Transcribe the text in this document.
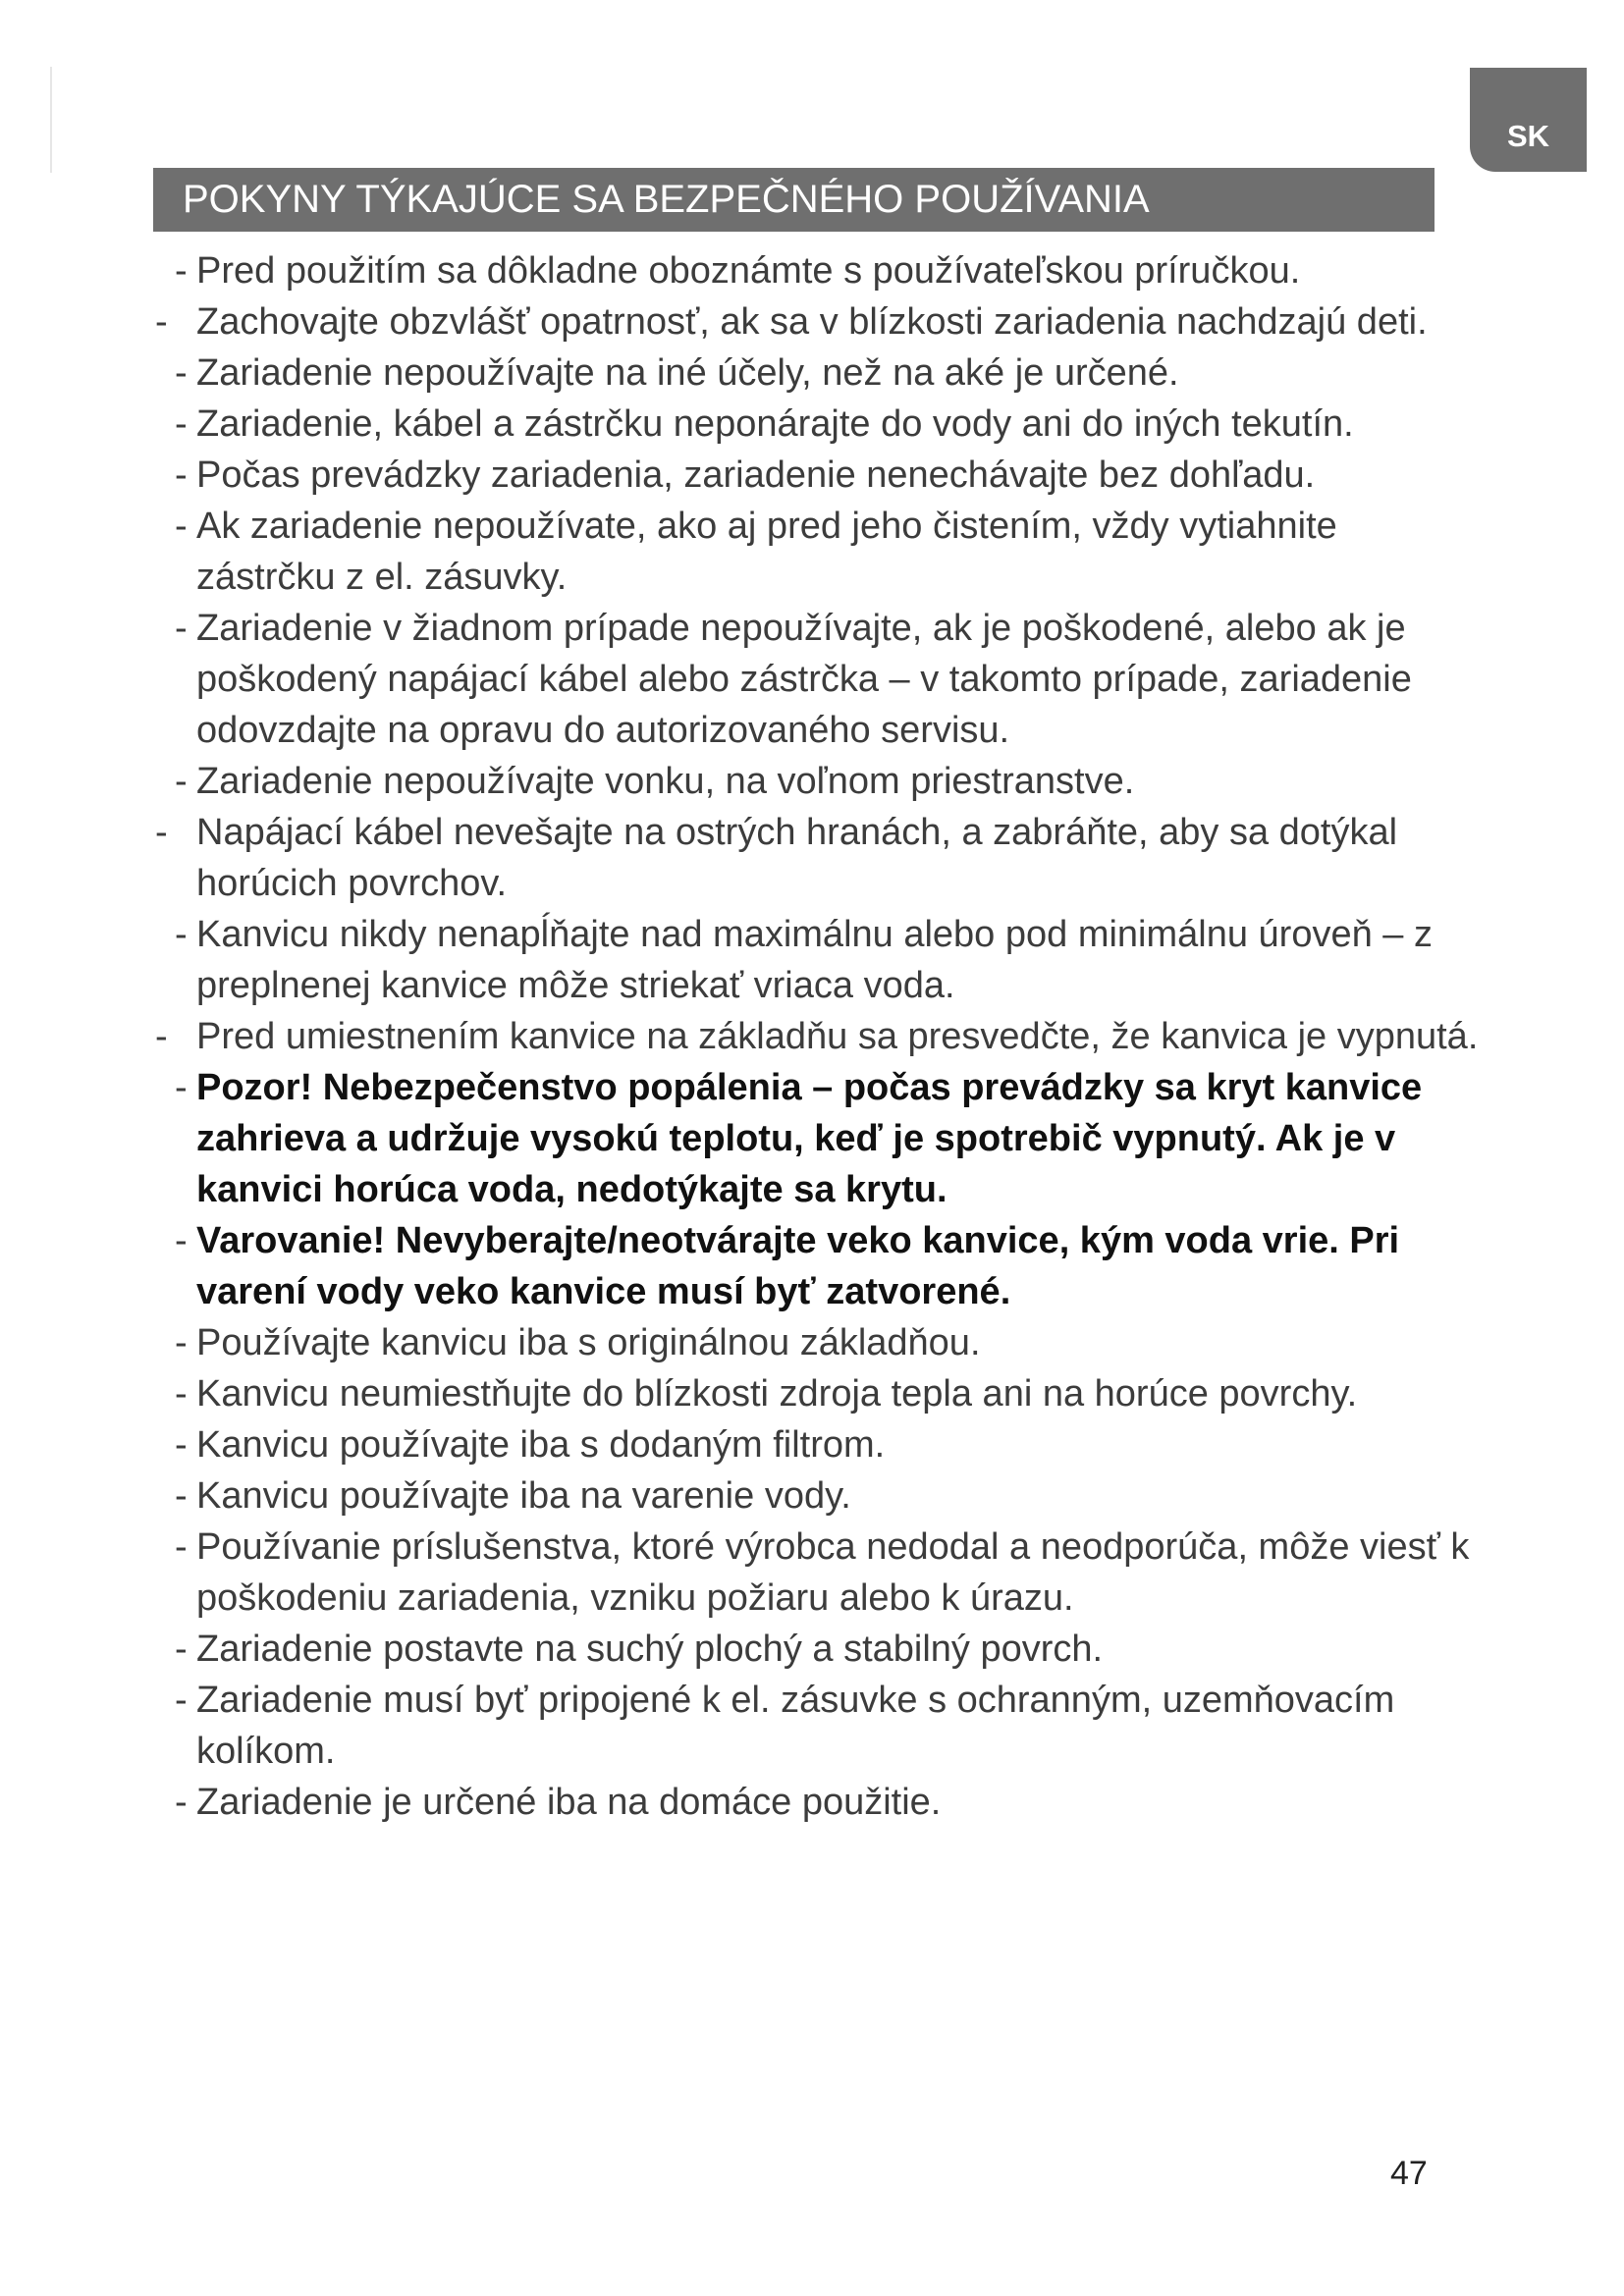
SK
POKYNY TÝKAJÚCE SA BEZPEČNÉHO POUŽÍVANIA
- Pred použitím sa dôkladne oboznámte s používateľskou príručkou.
- Zachovajte obzvlášť opatrnosť, ak sa v blízkosti zariadenia nachdzajú deti.
- Zariadenie nepoužívajte na iné účely, než na aké je určené.
- Zariadenie, kábel a zástrčku neponárajte do vody ani do iných tekutín.
- Počas prevádzky zariadenia, zariadenie nenechávajte bez dohľadu.
- Ak zariadenie nepoužívate, ako aj pred jeho čistením, vždy vytiahnite zástrčku z el. zásuvky.
- Zariadenie v žiadnom prípade nepoužívajte, ak je poškodené, alebo ak je poškodený napájací kábel alebo zástrčka – v takomto prípade, zariadenie odovzdajte na opravu do autorizovaného servisu.
- Zariadenie nepoužívajte vonku, na voľnom priestranstve.
- Napájací kábel nevešajte na ostrých hranách, a zabráňte, aby sa dotýkal horúcich povrchov.
- Kanvicu nikdy nenapĺňajte nad maximálnu alebo pod minimálnu úroveň – z preplnenej kanvice môže striekať vriaca voda.
- Pred umiestnením kanvice na základňu sa presvedčte, že kanvica je vypnutá.
- Pozor! Nebezpečenstvo popálenia – počas prevádzky sa kryt kanvice zahrieva a udržuje vysokú teplotu, keď je spotrebič vypnutý. Ak je v kanvici horúca voda, nedotýkajte sa krytu.
- Varovanie! Nevyberajte/neotvárajte veko kanvice, kým voda vrie. Pri varení vody veko kanvice musí byť zatvorené.
- Používajte kanvicu iba s originálnou základňou.
- Kanvicu neumiestňujte do blízkosti zdroja tepla ani na horúce povrchy.
- Kanvicu používajte iba s dodaným filtrom.
- Kanvicu používajte iba na varenie vody.
- Používanie príslušenstva, ktoré výrobca nedodal a neodporúča, môže viesť k poškodeniu zariadenia, vzniku požiaru alebo k úrazu.
- Zariadenie postavte na suchý plochý a stabilný povrch.
- Zariadenie musí byť pripojené k el. zásuvke s ochranným, uzemňovacím kolíkom.
- Zariadenie je určené iba na domáce použitie.
47
